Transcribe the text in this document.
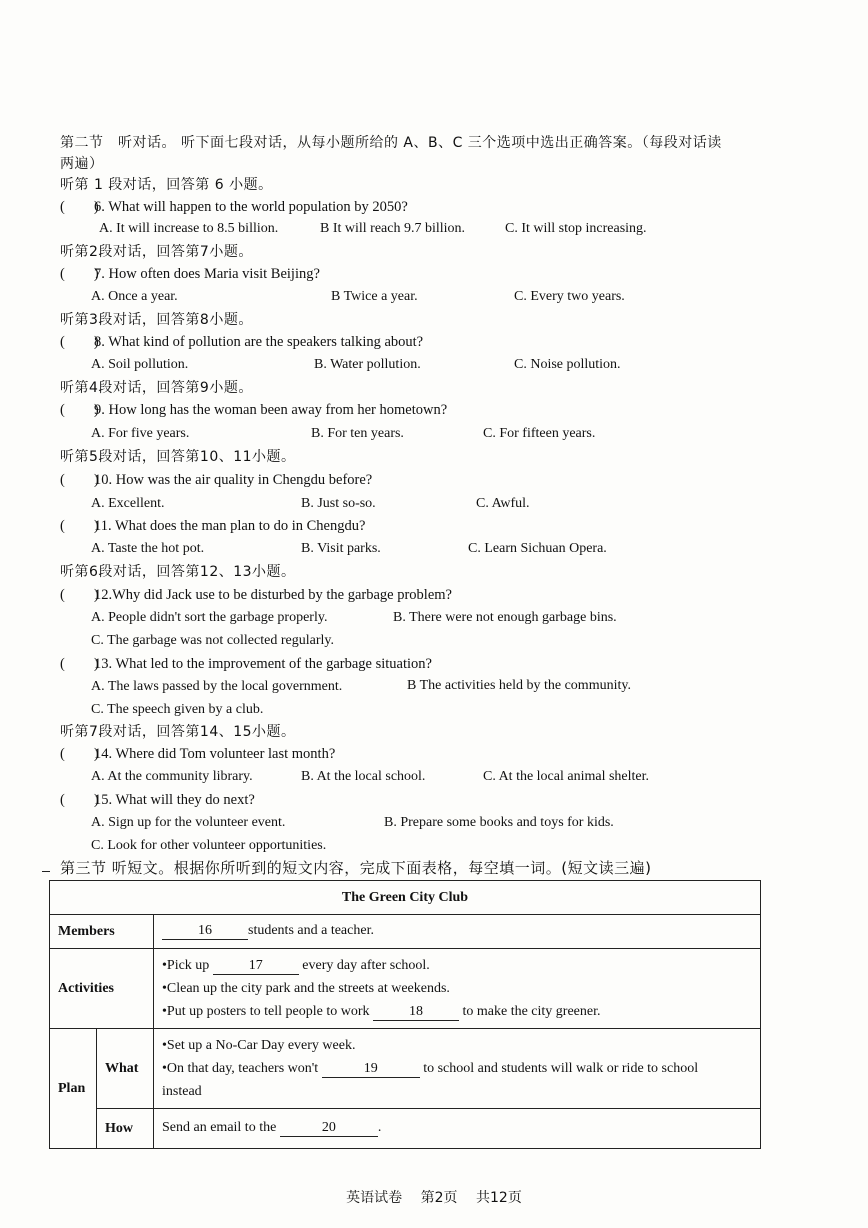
第二节　听对话。 听下面七段对话，从每小题所给的 A、B、C 三个选项中选出正确答案。（每段对话读
两遍）
听第 1 段对话，回答第 6 小题。
(　　)6. What will happen to the world population by 2050?
A. It will increase to 8.5 billion.	B It will reach 9.7 billion.	C. It will stop increasing.
听第2段对话，回答第7小题。
(　　)7. How often does Maria visit Beijing?
A. Once a year.	B Twice a year.	C. Every two years.
听第3段对话，回答第8小题。
(　　)8. What kind of pollution are the speakers talking about?
A. Soil pollution.	B. Water pollution.	C. Noise pollution.
听第4段对话，回答第9小题。
(　　)9. How long has the woman been away from her hometown?
A. For five years.	B. For ten years.	C. For fifteen years.
听第5段对话，回答第10、11小题。
(　　)10. How was the air quality in Chengdu before?
A. Excellent.	B. Just so-so.	C. Awful.
(　　)11. What does the man plan to do in Chengdu?
A. Taste the hot pot.	B. Visit parks.	C. Learn Sichuan Opera.
听第6段对话，回答第12、13小题。
(　　)12.Why did Jack use to be disturbed by the garbage problem?
A. People didn't sort the garbage properly.	B. There were not enough garbage bins.
C. The garbage was not collected regularly.
(　　)13. What led to the improvement of the garbage situation?
A. The laws passed by the local government.	B The activities held by the community.
C. The speech given by a club.
听第7段对话，回答第14、15小题。
(　　)14. Where did Tom volunteer last month?
A. At the community library.	B. At the local school.	C. At the local animal shelter.
(　　)15. What will they do next?
A. Sign up for the volunteer event.	B. Prepare some books and toys for kids.
C. Look for other volunteer opportunities.
第三节 听短文。根据你所听到的短文内容，完成下面表格，每空填一词。(短文读三遍)
The Green City Club		
Members		16 students and a teacher.
Activities		•Pick up 17 every day after school.
•Clean up the city park and the streets at weekends.
•Put up posters to tell people to work 18 to make the city greener.

Plan	What	•Set up a No-Car Day every week.
•On that day, teachers won't 19 to school and students will walk or ride to school
instead

	How	Send an email to the 20 .
英语试卷 第2页 共12页
